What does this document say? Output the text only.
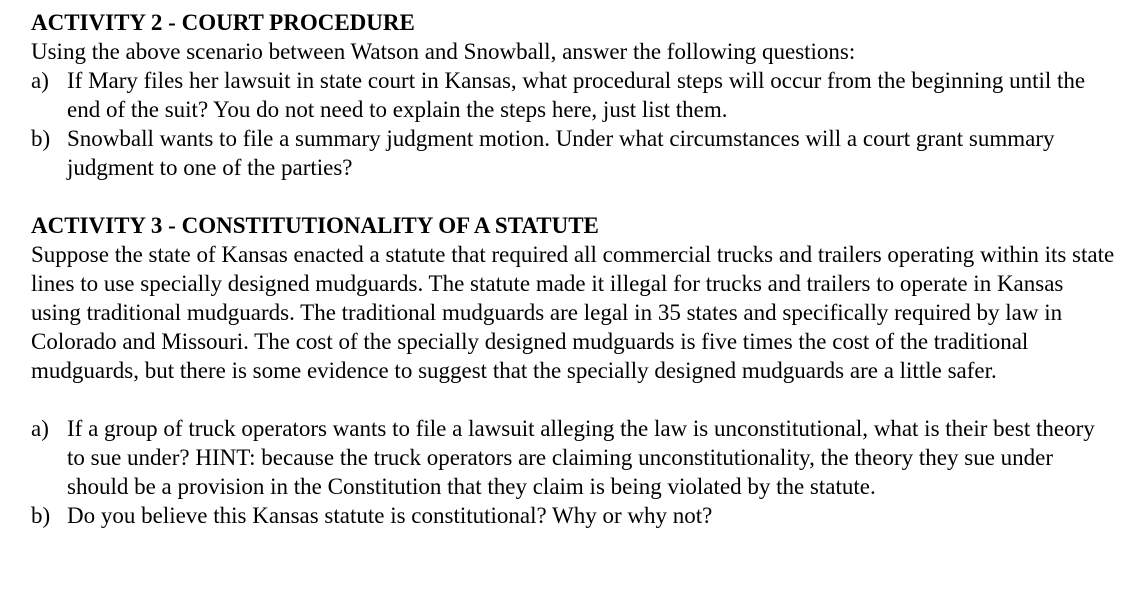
ACTIVITY 2 - COURT PROCEDURE

Using the above scenario between Watson and Snowball, answer the following questions:

a) If Mary files her lawsuit in state court in Kansas, what procedural steps will occur from the beginning until the end of the suit? You do not need to explain the steps here, just list them.
b) Snowball wants to file a summary judgment motion. Under what circumstances will a court grant summary judgment to one of the parties?
ACTIVITY 3 - CONSTITUTIONALITY OF A STATUTE

Suppose the state of Kansas enacted a statute that required all commercial trucks and trailers operating within its state lines to use specially designed mudguards. The statute made it illegal for trucks and trailers to operate in Kansas using traditional mudguards. The traditional mudguards are legal in 35 states and specifically required by law in Colorado and Missouri. The cost of the specially designed mudguards is five times the cost of the traditional mudguards, but there is some evidence to suggest that the specially designed mudguards are a little safer.

a) If a group of truck operators wants to file a lawsuit alleging the law is unconstitutional, what is their best theory to sue under? HINT: because the truck operators are claiming unconstitutionality, the theory they sue under should be a provision in the Constitution that they claim is being violated by the statute.
b) Do you believe this Kansas statute is constitutional? Why or why not?
